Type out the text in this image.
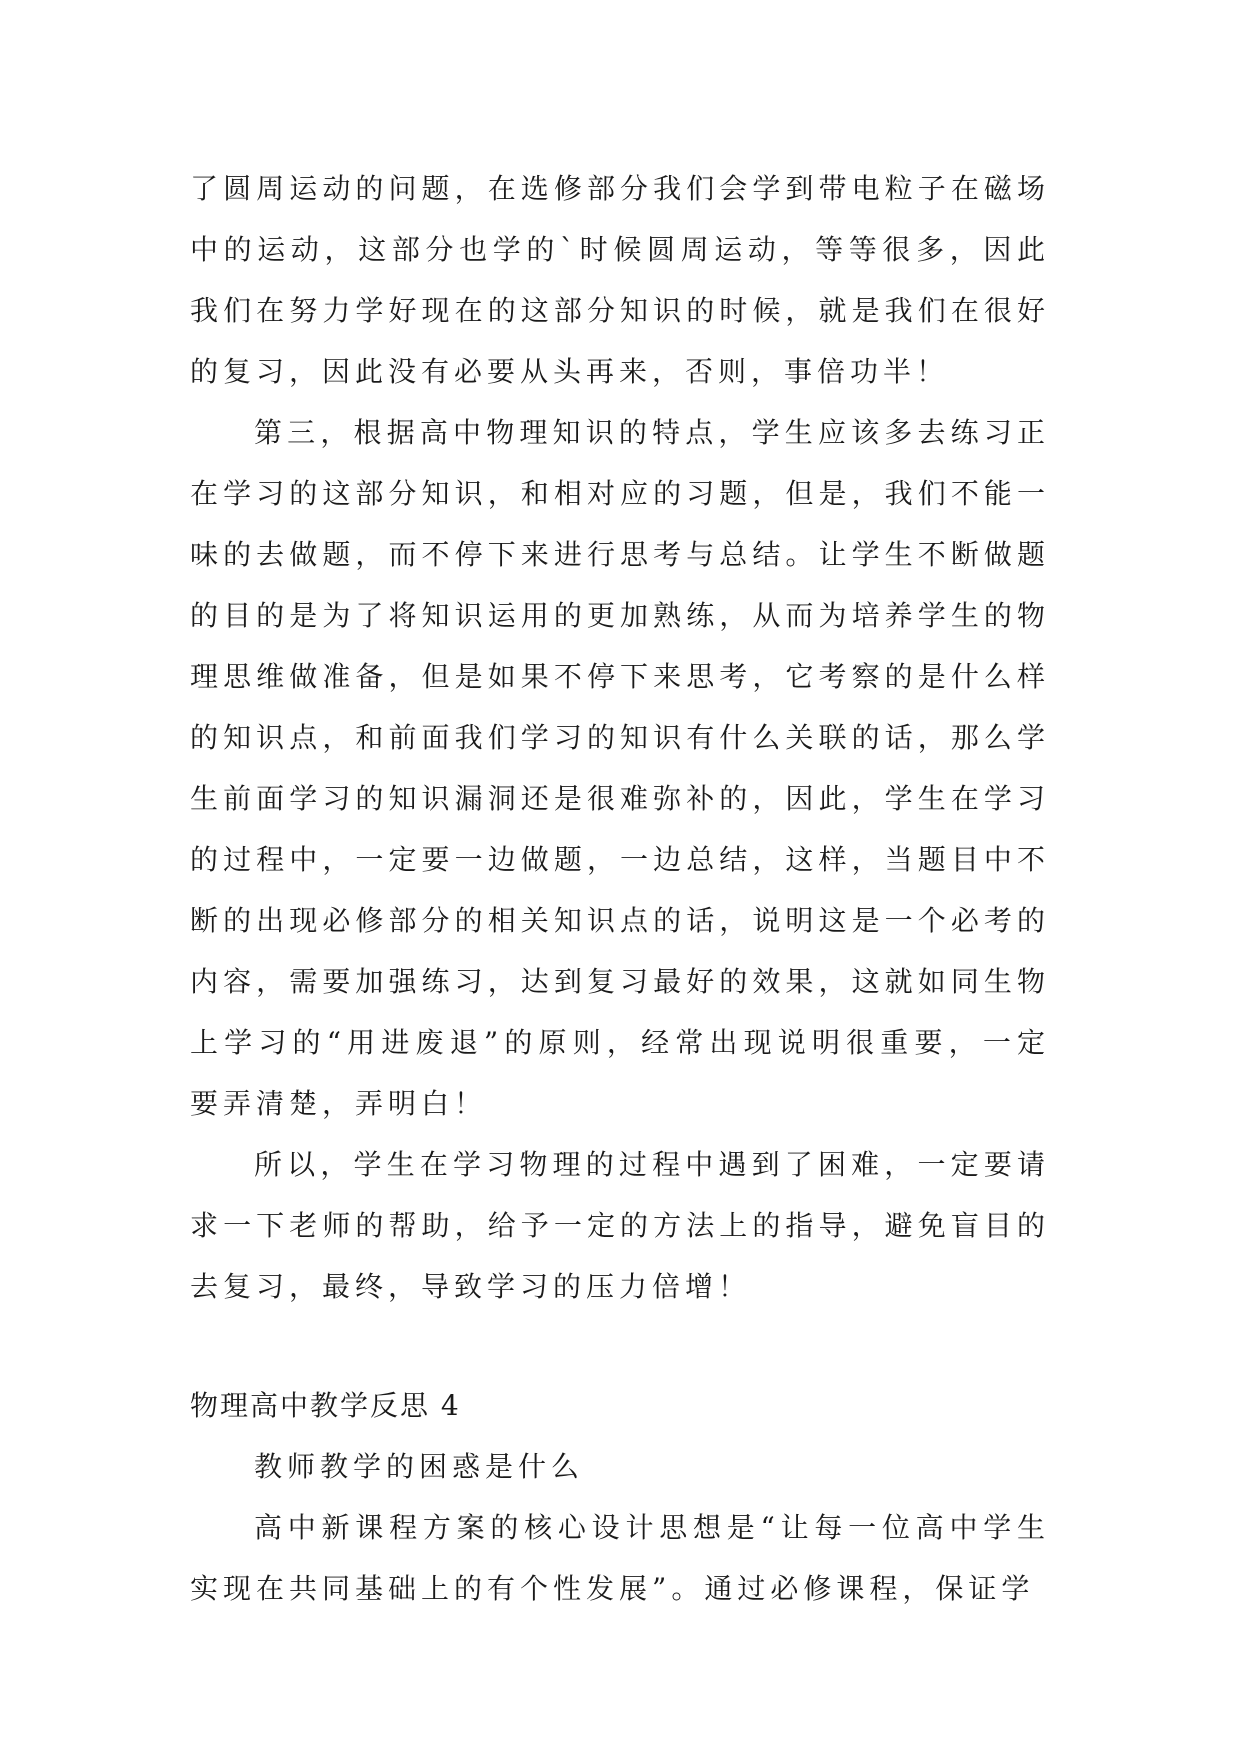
了圆周运动的问题，在选修部分我们会学到带电粒子在磁场中的运动，这部分也学的`时候圆周运动，等等很多，因此我们在努力学好现在的这部分知识的时候，就是我们在很好的复习，因此没有必要从头再来，否则，事倍功半！

第三，根据高中物理知识的特点，学生应该多去练习正在学习的这部分知识，和相对应的习题，但是，我们不能一味的去做题，而不停下来进行思考与总结。让学生不断做题的目的是为了将知识运用的更加熟练，从而为培养学生的物理思维做准备，但是如果不停下来思考，它考察的是什么样的知识点，和前面我们学习的知识有什么关联的话，那么学生前面学习的知识漏洞还是很难弥补的，因此，学生在学习的过程中，一定要一边做题，一边总结，这样，当题目中不断的出现必修部分的相关知识点的话，说明这是一个必考的内容，需要加强练习，达到复习最好的效果，这就如同生物上学习的“用进废退”的原则，经常出现说明很重要，一定要弄清楚，弄明白！

所以，学生在学习物理的过程中遇到了困难，一定要请求一下老师的帮助，给予一定的方法上的指导，避免盲目的去复习，最终，导致学习的压力倍增！

物理高中教学反思 4

教师教学的困惑是什么

高中新课程方案的核心设计思想是“让每一位高中学生实现在共同基础上的有个性发展”。通过必修课程，保证学
